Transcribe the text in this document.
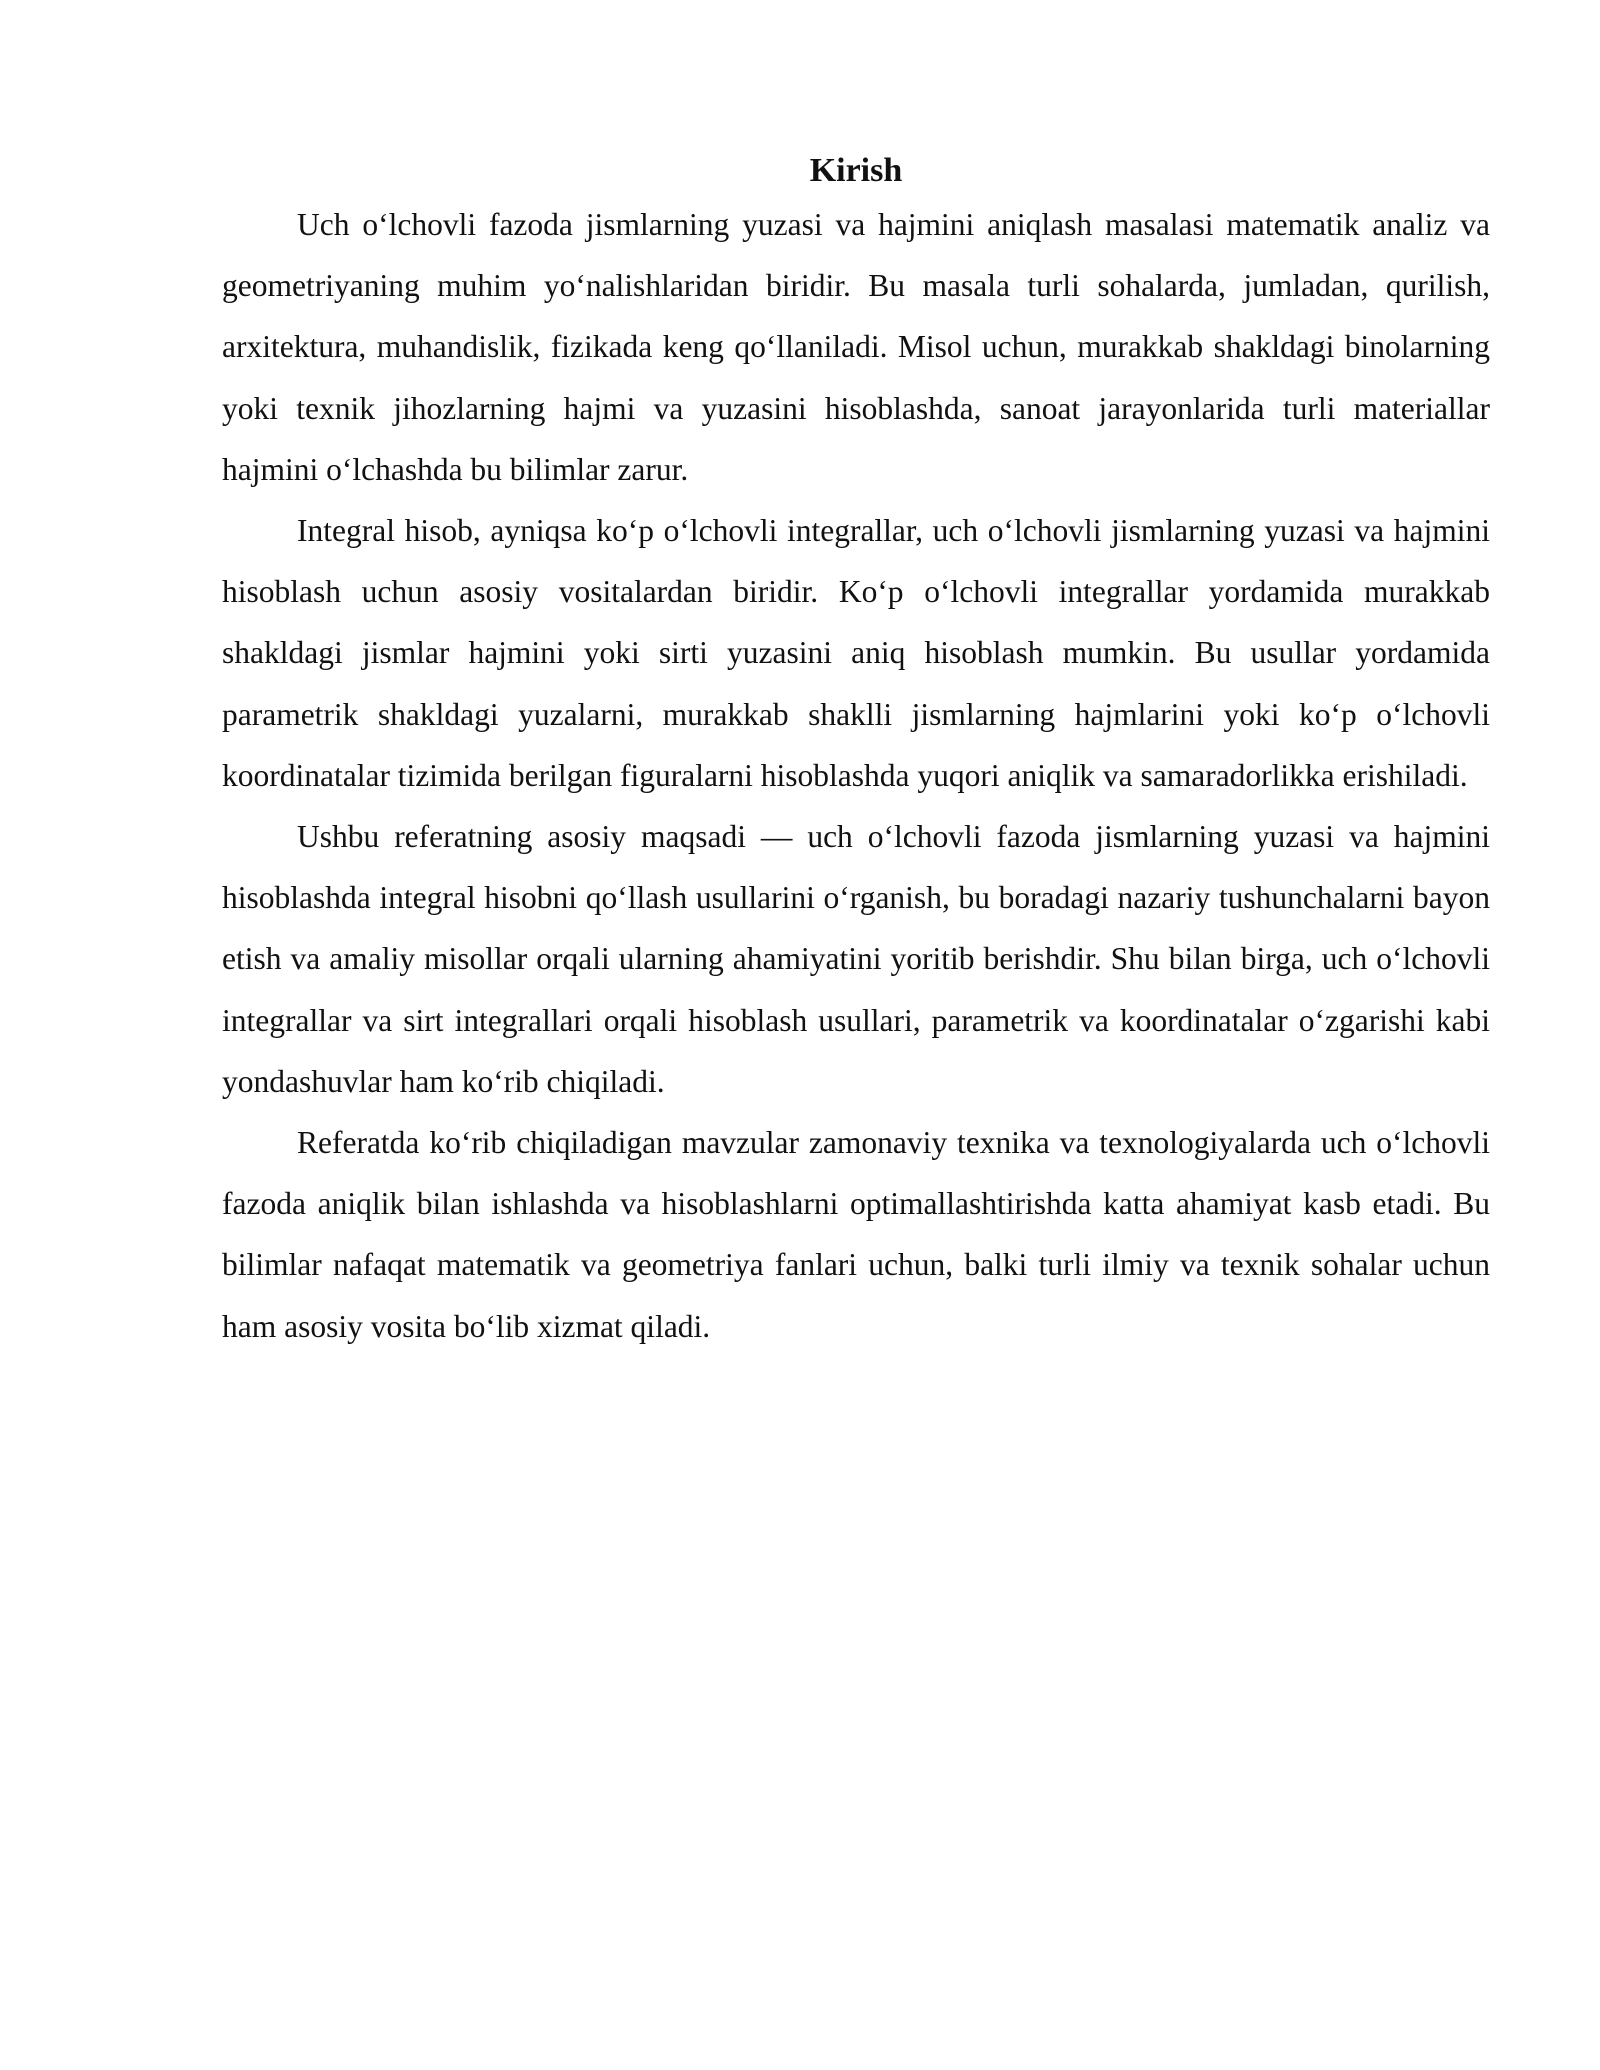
Kirish

Uch o‘lchovli fazoda jismlarning yuzasi va hajmini aniqlash masalasi matematik analiz va geometriyaning muhim yo‘nalishlaridan biridir. Bu masala turli sohalarda, jumladan, qurilish, arxitektura, muhandislik, fizikada keng qo‘llaniladi. Misol uchun, murakkab shakldagi binolarning yoki texnik jihozlarning hajmi va yuzasini hisoblashda, sanoat jarayonlarida turli materiallar hajmini o‘lchashda bu bilimlar zarur.

Integral hisob, ayniqsa ko‘p o‘lchovli integrallar, uch o‘lchovli jismlarning yuzasi va hajmini hisoblash uchun asosiy vositalardan biridir. Ko‘p o‘lchovli integrallar yordamida murakkab shakldagi jismlar hajmini yoki sirti yuzasini aniq hisoblash mumkin. Bu usullar yordamida parametrik shakldagi yuzalarni, murakkab shaklli jismlarning hajmlarini yoki ko‘p o‘lchovli koordinatalar tizimida berilgan figuralarni hisoblashda yuqori aniqlik va samaradorlikka erishiladi.

Ushbu referatning asosiy maqsadi — uch o‘lchovli fazoda jismlarning yuzasi va hajmini hisoblashda integral hisobni qo‘llash usullarini o‘rganish, bu boradagi nazariy tushunchalarni bayon etish va amaliy misollar orqali ularning ahamiyatini yoritib berishdir. Shu bilan birga, uch o‘lchovli integrallar va sirt integrallari orqali hisoblash usullari, parametrik va koordinatalar o‘zgarishi kabi yondashuvlar ham ko‘rib chiqiladi.

Referatda ko‘rib chiqiladigan mavzular zamonaviy texnika va texnologiyalarda uch o‘lchovli fazoda aniqlik bilan ishlashda va hisoblashlarni optimallashtirishda katta ahamiyat kasb etadi. Bu bilimlar nafaqat matematik va geometriya fanlari uchun, balki turli ilmiy va texnik sohalar uchun ham asosiy vosita bo‘lib xizmat qiladi.
